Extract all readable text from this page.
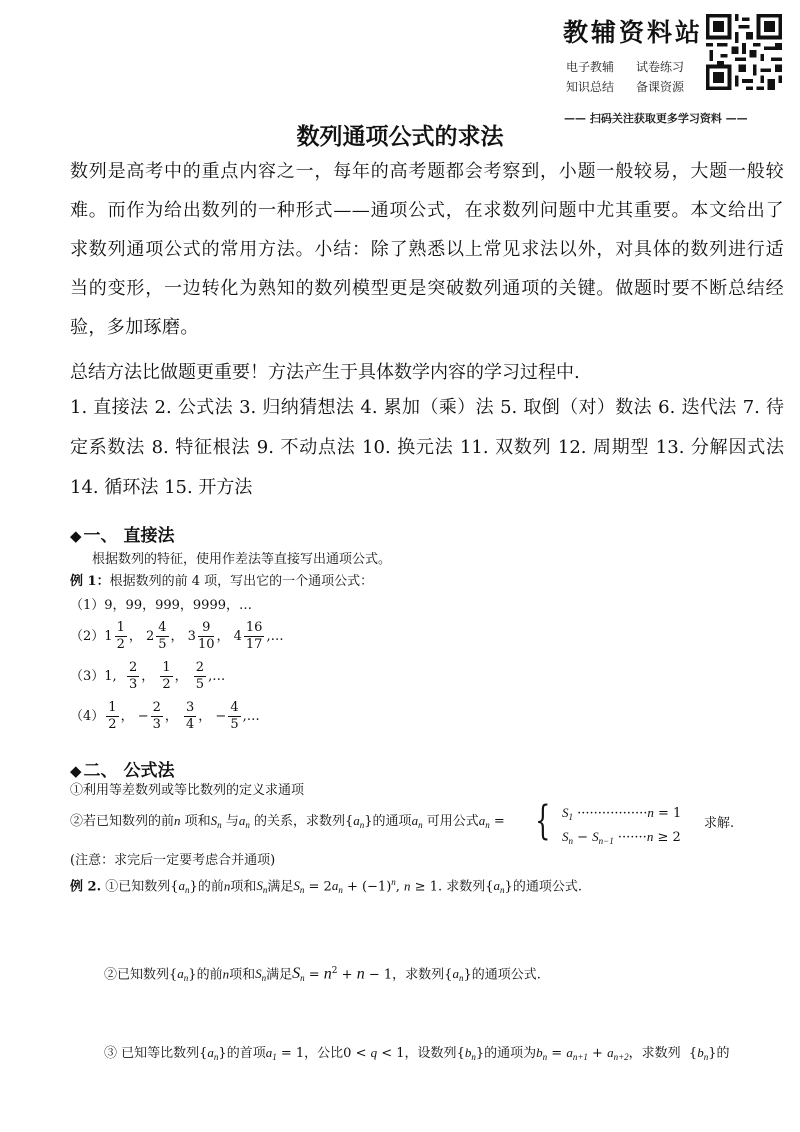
教辅资料站
电子教辅 试卷练习
知识总结 备课资源
—— 扫码关注获取更多学习资料 ——
数列通项公式的求法
数列是高考中的重点内容之一，每年的高考题都会考察到，小题一般较易，大题一般较难。而作为给出数列的一种形式——通项公式，在求数列问题中尤其重要。本文给出了求数列通项公式的常用方法。小结：除了熟悉以上常见求法以外，对具体的数列进行适当的变形，一边转化为熟知的数列模型更是突破数列通项的关键。做题时要不断总结经验，多加琢磨。
总结方法比做题更重要！方法产生于具体数学内容的学习过程中.
1. 直接法 2. 公式法 3. 归纳猜想法 4. 累加（乘）法 5. 取倒（对）数法 6. 迭代法 7. 待定系数法 8. 特征根法 9. 不动点法 10. 换元法 11. 双数列 12. 周期型 13. 分解因式法 14. 循环法 15. 开方法
◆ 一、 直接法
根据数列的特征，使用作差法等直接写出通项公式。
例 1：根据数列的前 4 项，写出它的一个通项公式：
（1）9，99，999，9999，…
$(2)1 \frac{1}{2}$ ， $2 \frac{4}{5}$ ， $3 \frac{9}{10}$ ， $4 \frac{16}{17}$ ,…
（3）1, $\frac{2}{3}$ ， $\frac{1}{2}$ ， $\frac{2}{5}$ ,…
$(4) \frac{1}{2}$ ， − $\frac{2}{3}$ ， $\frac{3}{4}$ ， − $\frac{4}{5}$ ,…
◆ 二、 公式法
①利用等差数列或等比数列的定义求通项
②若已知数列的前n 项和$S_n$ 与$a_n$ 的关系，求数列$\{a_n\}$的通项$a_n$ 可用公式$a_n$ = { $S_1 \cdot\cdot\cdot\cdot\cdot\cdot\cdot\cdot\cdot\cdot\cdot\cdot\cdot\cdot\cdot\cdot\cdot n = 1$
$S_n - S_{n-1} \cdot\cdot\cdot\cdot\cdot\cdot\cdot n \ge 2$
求解.
(注意：求完后一定要考虑合并通项)
例 2. ①已知数列$\{a_n\}$的前n项和$S_n$满足$S_n = 2a_n + (-1)^n$, n ≥ 1. 求数列$\{a_n\}$的通项公式.
②已知数列$\{a_n\}$的前n项和$S_n$满足$S_n = n^2 + n - 1$，求数列$\{a_n\}$的通项公式.
③ 已知等比数列$\{a_n\}$的首项$a_1 = 1$，公比0 < q < 1，设数列$\{b_n\}$的通项为$b_n = a_{n+1} + a_{n+2}$，求数列  $\{b_n\}$的
